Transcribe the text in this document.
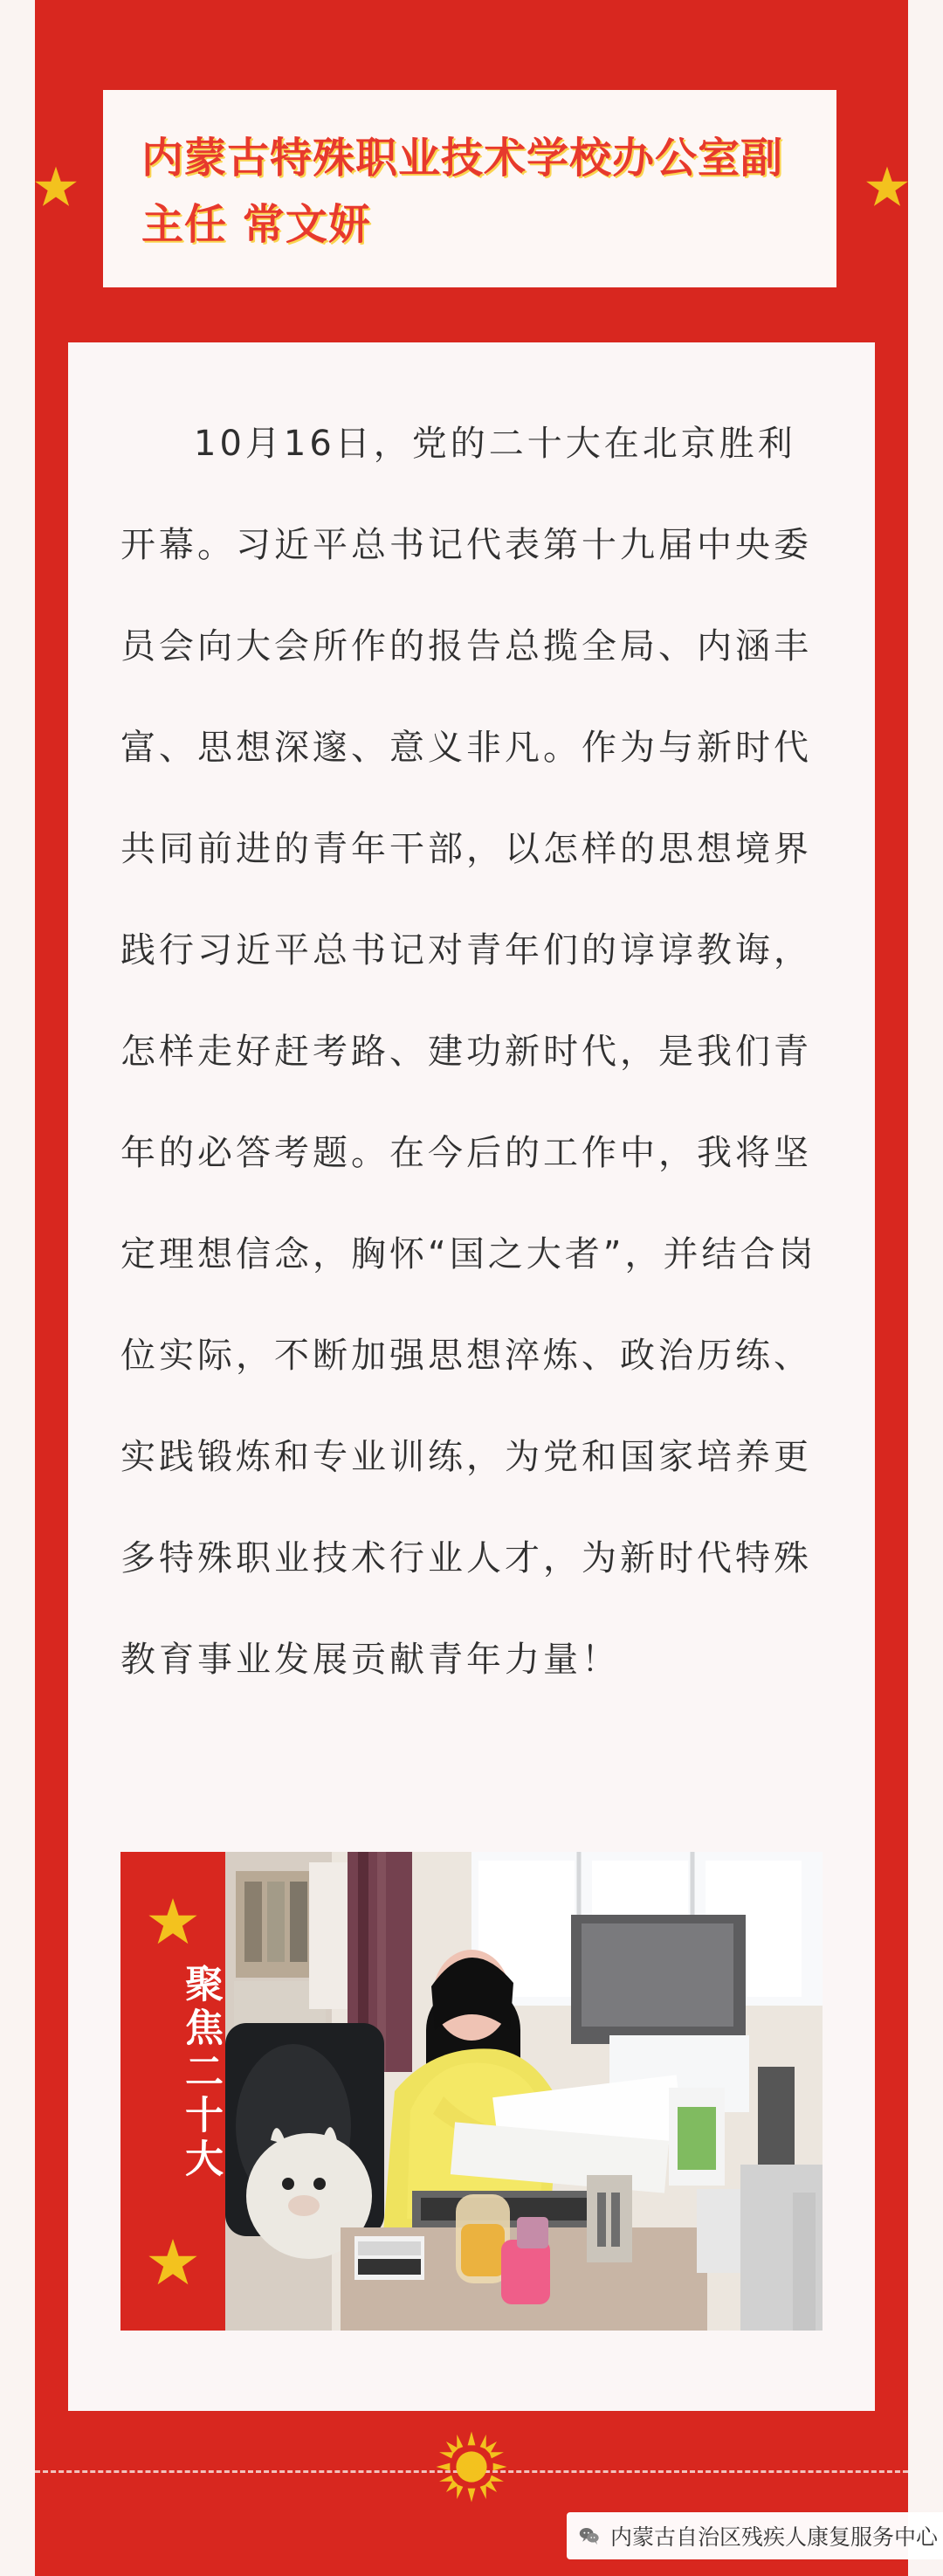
内蒙古特殊职业技术学校办公室副主任 常文妍

10月16日，党的二十大在北京胜利开幕。习近平总书记代表第十九届中央委员会向大会所作的报告总揽全局、内涵丰富、思想深邃、意义非凡。作为与新时代共同前进的青年干部，以怎样的思想境界践行习近平总书记对青年们的谆谆教诲，怎样走好赶考路、建功新时代，是我们青年的必答考题。在今后的工作中，我将坚定理想信念，胸怀“国之大者”，并结合岗位实际，不断加强思想淬炼、政治历练、实践锻炼和专业训练，为党和国家培养更多特殊职业技术行业人才，为新时代特殊教育事业发展贡献青年力量！

聚焦二十大
内蒙古自治区残疾人康复服务中心
